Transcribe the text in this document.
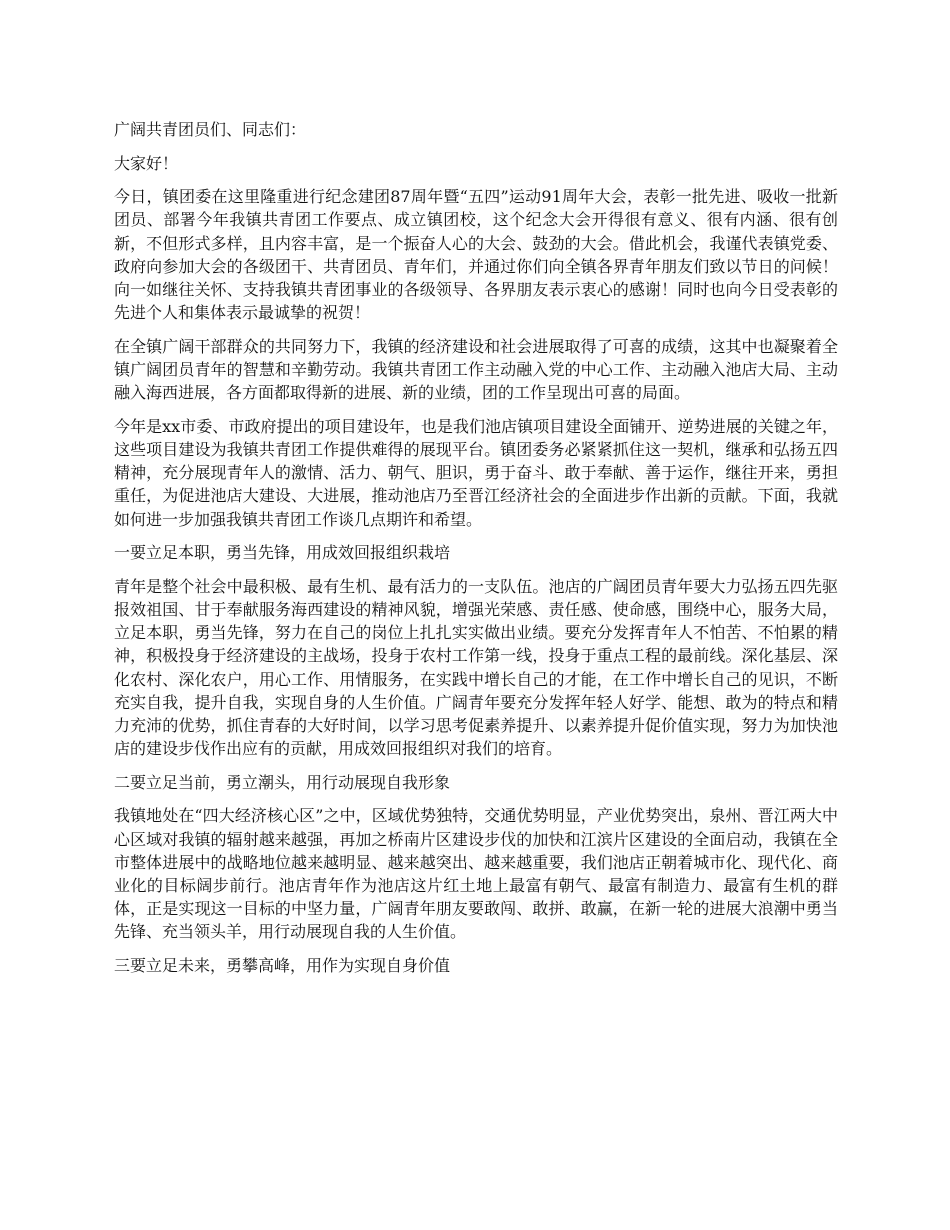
广阔共青团员们、同志们：

大家好！

今日，镇团委在这里隆重进行纪念建团87周年暨“五四”运动91周年大会，表彰一批先进、吸收一批新团员、部署今年我镇共青团工作要点、成立镇团校，这个纪念大会开得很有意义、很有内涵、很有创新，不但形式多样，且内容丰富，是一个振奋人心的大会、鼓劲的大会。借此机会，我谨代表镇党委、政府向参加大会的各级团干、共青团员、青年们，并通过你们向全镇各界青年朋友们致以节日的问候！向一如继往关怀、支持我镇共青团事业的各级领导、各界朋友表示衷心的感谢！同时也向今日受表彰的先进个人和集体表示最诚挚的祝贺！

在全镇广阔干部群众的共同努力下，我镇的经济建设和社会进展取得了可喜的成绩，这其中也凝聚着全镇广阔团员青年的智慧和辛勤劳动。我镇共青团工作主动融入党的中心工作、主动融入池店大局、主动融入海西进展，各方面都取得新的进展、新的业绩，团的工作呈现出可喜的局面。

今年是xx市委、市政府提出的项目建设年，也是我们池店镇项目建设全面铺开、逆势进展的关键之年，这些项目建设为我镇共青团工作提供难得的展现平台。镇团委务必紧紧抓住这一契机，继承和弘扬五四精神，充分展现青年人的激情、活力、朝气、胆识，勇于奋斗、敢于奉献、善于运作，继往开来，勇担重任，为促进池店大建设、大进展，推动池店乃至晋江经济社会的全面进步作出新的贡献。下面，我就如何进一步加强我镇共青团工作谈几点期许和希望。

一要立足本职，勇当先锋，用成效回报组织栽培

青年是整个社会中最积极、最有生机、最有活力的一支队伍。池店的广阔团员青年要大力弘扬五四先驱报效祖国、甘于奉献服务海西建设的精神风貌，增强光荣感、责任感、使命感，围绕中心，服务大局，立足本职，勇当先锋，努力在自己的岗位上扎扎实实做出业绩。要充分发挥青年人不怕苦、不怕累的精神，积极投身于经济建设的主战场，投身于农村工作第一线，投身于重点工程的最前线。深化基层、深化农村、深化农户，用心工作、用情服务，在实践中增长自己的才能，在工作中增长自己的见识，不断充实自我，提升自我，实现自身的人生价值。广阔青年要充分发挥年轻人好学、能想、敢为的特点和精力充沛的优势，抓住青春的大好时间，以学习思考促素养提升、以素养提升促价值实现，努力为加快池店的建设步伐作出应有的贡献，用成效回报组织对我们的培育。

二要立足当前，勇立潮头，用行动展现自我形象

我镇地处在“四大经济核心区”之中，区域优势独特，交通优势明显，产业优势突出，泉州、晋江两大中心区域对我镇的辐射越来越强，再加之桥南片区建设步伐的加快和江滨片区建设的全面启动，我镇在全市整体进展中的战略地位越来越明显、越来越突出、越来越重要，我们池店正朝着城市化、现代化、商业化的目标阔步前行。池店青年作为池店这片红土地上最富有朝气、最富有制造力、最富有生机的群体，正是实现这一目标的中坚力量，广阔青年朋友要敢闯、敢拼、敢赢，在新一轮的进展大浪潮中勇当先锋、充当领头羊，用行动展现自我的人生价值。

三要立足未来，勇攀高峰，用作为实现自身价值
